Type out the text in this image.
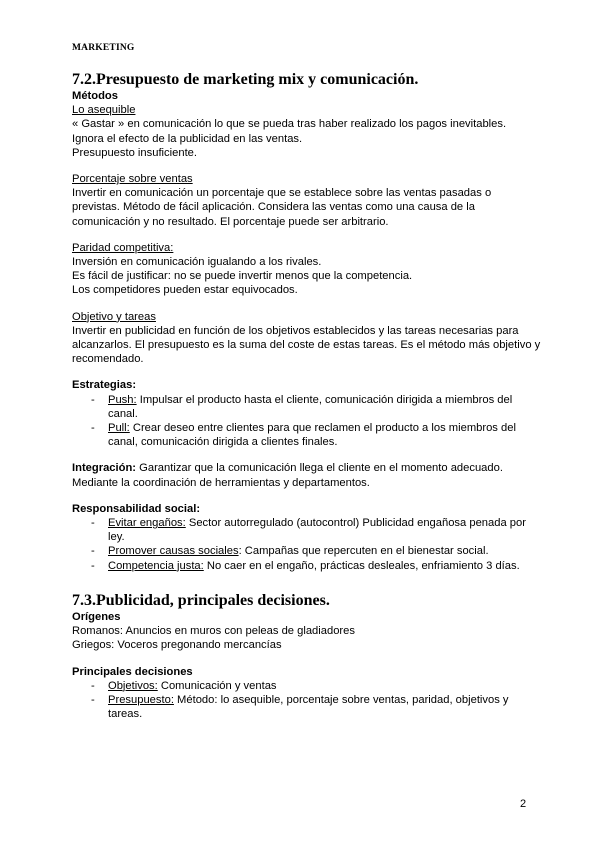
MARKETING
7.2.Presupuesto de marketing mix y comunicación.

Métodos

Lo asequible

« Gastar » en comunicación lo que se pueda tras haber realizado los pagos inevitables.

Ignora el efecto de la publicidad en las ventas.

Presupuesto insuficiente.

Porcentaje sobre ventas

Invertir en comunicación un porcentaje que se establece sobre las ventas pasadas o previstas. Método de fácil aplicación. Considera las ventas como una causa de la comunicación y no resultado. El porcentaje puede ser arbitrario.

Paridad competitiva:

Inversión en comunicación igualando a los rivales.

Es fácil de justificar: no se puede invertir menos que la competencia.

Los competidores pueden estar equivocados.

Objetivo y tareas

Invertir en publicidad en función de los objetivos establecidos y las tareas necesarias para alcanzarlos. El presupuesto es la suma del coste de estas tareas. Es el método más objetivo y recomendado.

Estrategias:

- Push: Impulsar el producto hasta el cliente, comunicación dirigida a miembros del canal.
- Pull: Crear deseo entre clientes para que reclamen el producto a los miembros del canal, comunicación dirigida a clientes finales.

Integración: Garantizar que la comunicación llega el cliente en el momento adecuado. Mediante la coordinación de herramientas y departamentos.

Responsabilidad social:

- Evitar engaños: Sector autorregulado (autocontrol) Publicidad engañosa penada por ley.
- Promover causas sociales: Campañas que repercuten en el bienestar social.
- Competencia justa: No caer en el engaño, prácticas desleales, enfriamiento 3 días.
7.3.Publicidad, principales decisiones.

Orígenes

Romanos: Anuncios en muros con peleas de gladiadores

Griegos: Voceros pregonando mercancías

Principales decisiones

- Objetivos: Comunicación y ventas
- Presupuesto: Método: lo asequible, porcentaje sobre ventas, paridad, objetivos y tareas.
2
